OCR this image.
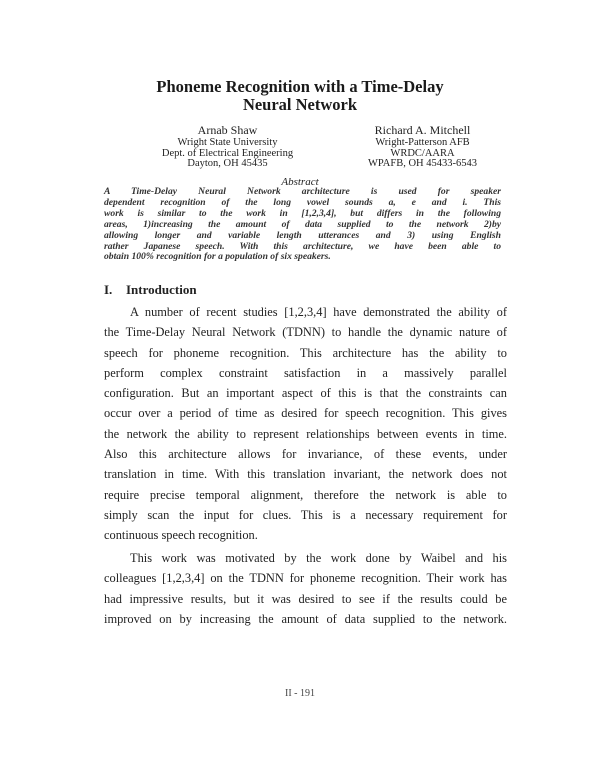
Phoneme Recognition with a Time-Delay
Neural Network
Arnab Shaw
Wright State University
Dept. of Electrical Engineering
Dayton, OH 45435
Richard A. Mitchell
Wright-Patterson AFB
WRDC/AARA
WPAFB, OH 45433-6543
Abstract
A Time-Delay Neural Network architecture is used for speaker
dependent recognition of the long vowel sounds a, e and i. This
work is similar to the work in [1,2,3,4], but differs in the following
areas, 1)increasing the amount of data supplied to the network 2)by
allowing longer and variable length utterances and 3) using English
rather Japanese speech. With this architecture, we have been able to
obtain 100% recognition for a population of six speakers.
I. Introduction
A number of recent studies [1,2,3,4] have demonstrated the ability of
the Time-Delay Neural Network (TDNN) to handle the dynamic nature of
speech for phoneme recognition. This architecture has the ability to
perform complex constraint satisfaction in a massively parallel
configuration. But an important aspect of this is that the constraints can
occur over a period of time as desired for speech recognition. This gives
the network the ability to represent relationships between events in time.
Also this architecture allows for invariance, of these events, under
translation in time. With this translation invariant, the network does not
require precise temporal alignment, therefore the network is able to
simply scan the input for clues. This is a necessary requirement for
continuous speech recognition.
This work was motivated by the work done by Waibel and his
colleagues [1,2,3,4] on the TDNN for phoneme recognition. Their work has
had impressive results, but it was desired to see if the results could be
improved on by increasing the amount of data supplied to the network.
II - 191
